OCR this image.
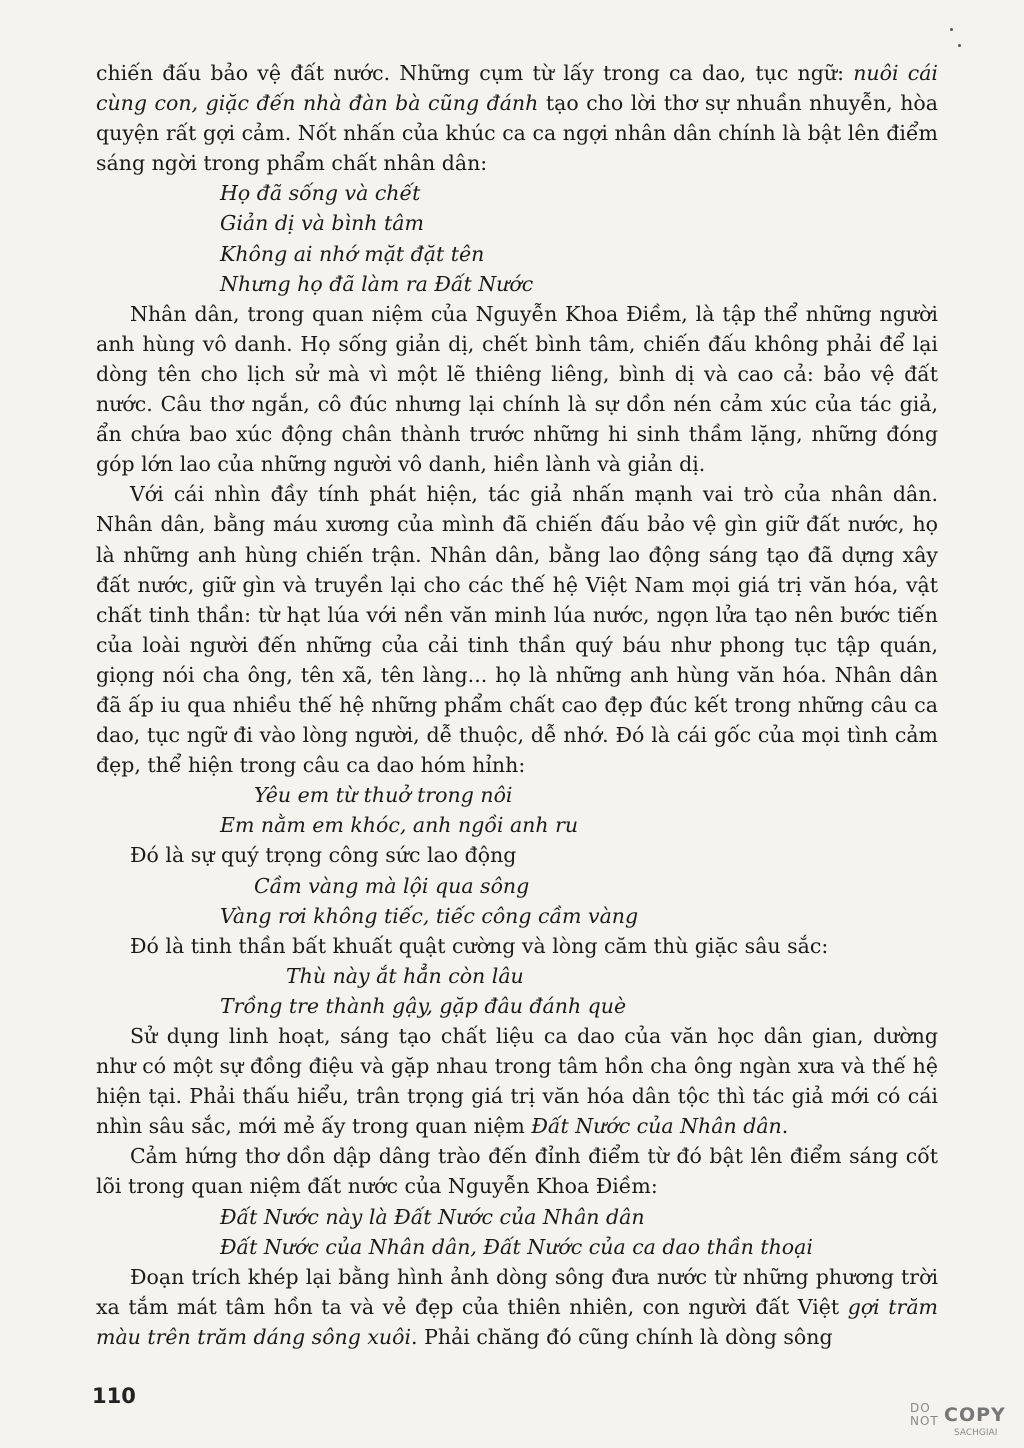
chiến đấu bảo vệ đất nước. Những cụm từ lấy trong ca dao, tục ngữ: nuôi cái cùng con, giặc đến nhà đàn bà cũng đánh tạo cho lời thơ sự nhuần nhuyễn, hòa quyện rất gợi cảm. Nốt nhấn của khúc ca ca ngợi nhân dân chính là bật lên điểm sáng ngời trong phẩm chất nhân dân:

Họ đã sống và chết
Giản dị và bình tâm
Không ai nhớ mặt đặt tên
Nhưng họ đã làm ra Đất Nước

Nhân dân, trong quan niệm của Nguyễn Khoa Điềm, là tập thể những người anh hùng vô danh. Họ sống giản dị, chết bình tâm, chiến đấu không phải để lại dòng tên cho lịch sử mà vì một lẽ thiêng liêng, bình dị và cao cả: bảo vệ đất nước. Câu thơ ngắn, cô đúc nhưng lại chính là sự dồn nén cảm xúc của tác giả, ẩn chứa bao xúc động chân thành trước những hi sinh thầm lặng, những đóng góp lớn lao của những người vô danh, hiền lành và giản dị.

Với cái nhìn đầy tính phát hiện, tác giả nhấn mạnh vai trò của nhân dân. Nhân dân, bằng máu xương của mình đã chiến đấu bảo vệ gìn giữ đất nước, họ là những anh hùng chiến trận. Nhân dân, bằng lao động sáng tạo đã dựng xây đất nước, giữ gìn và truyền lại cho các thế hệ Việt Nam mọi giá trị văn hóa, vật chất tinh thần: từ hạt lúa với nền văn minh lúa nước, ngọn lửa tạo nên bước tiến của loài người đến những của cải tinh thần quý báu như phong tục tập quán, giọng nói cha ông, tên xã, tên làng... họ là những anh hùng văn hóa. Nhân dân đã ấp iu qua nhiều thế hệ những phẩm chất cao đẹp đúc kết trong những câu ca dao, tục ngữ đi vào lòng người, dễ thuộc, dễ nhớ. Đó là cái gốc của mọi tình cảm đẹp, thể hiện trong câu ca dao hóm hỉnh:

Yêu em từ thuở trong nôi
Em nằm em khóc, anh ngồi anh ru

Đó là sự quý trọng công sức lao động

Cầm vàng mà lội qua sông
Vàng rơi không tiếc, tiếc công cầm vàng

Đó là tinh thần bất khuất quật cường và lòng căm thù giặc sâu sắc:

Thù này ắt hẳn còn lâu
Trồng tre thành gậy, gặp đâu đánh què

Sử dụng linh hoạt, sáng tạo chất liệu ca dao của văn học dân gian, dường như có một sự đồng điệu và gặp nhau trong tâm hồn cha ông ngàn xưa và thế hệ hiện tại. Phải thấu hiểu, trân trọng giá trị văn hóa dân tộc thì tác giả mới có cái nhìn sâu sắc, mới mẻ ấy trong quan niệm Đất Nước của Nhân dân.

Cảm hứng thơ dồn dập dâng trào đến đỉnh điểm từ đó bật lên điểm sáng cốt lõi trong quan niệm đất nước của Nguyễn Khoa Điềm:

Đất Nước này là Đất Nước của Nhân dân
Đất Nước của Nhân dân, Đất Nước của ca dao thần thoại

Đoạn trích khép lại bằng hình ảnh dòng sông đưa nước từ những phương trời xa tắm mát tâm hồn ta và vẻ đẹp của thiên nhiên, con người đất Việt gợi trăm màu trên trăm dáng sông xuôi. Phải chăng đó cũng chính là dòng sông

110	DO
NOT COPY
SACHGIAI
